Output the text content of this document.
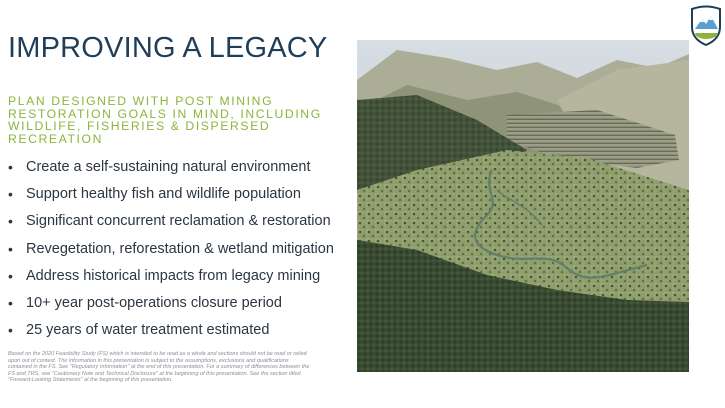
IMPROVING A LEGACY
PLAN DESIGNED WITH POST MINING RESTORATION GOALS IN MIND, INCLUDING WILDLIFE, FISHERIES & DISPERSED RECREATION
• Create a self-sustaining natural environment
• Support healthy fish and wildlife population
• Significant concurrent reclamation & restoration
• Revegetation, reforestation & wetland mitigation
• Address historical impacts from legacy mining
• 10+ year post-operations closure period
• 25 years of water treatment estimated
Based on the 2020 Feasibility Study (FS) which is intended to be read as a whole and sections should not be read or relied upon out of context. The information in this presentation is subject to the assumptions, exclusions and qualifications contained in the FS. See "Regulatory Information" at the end of this presentation. For a summary of differences between the FS and TRS, see "Cautionary Note and Technical Disclosure" at the beginning of this presentation. See the section titled "Forward-Looking Statements" at the beginning of this presentation.
